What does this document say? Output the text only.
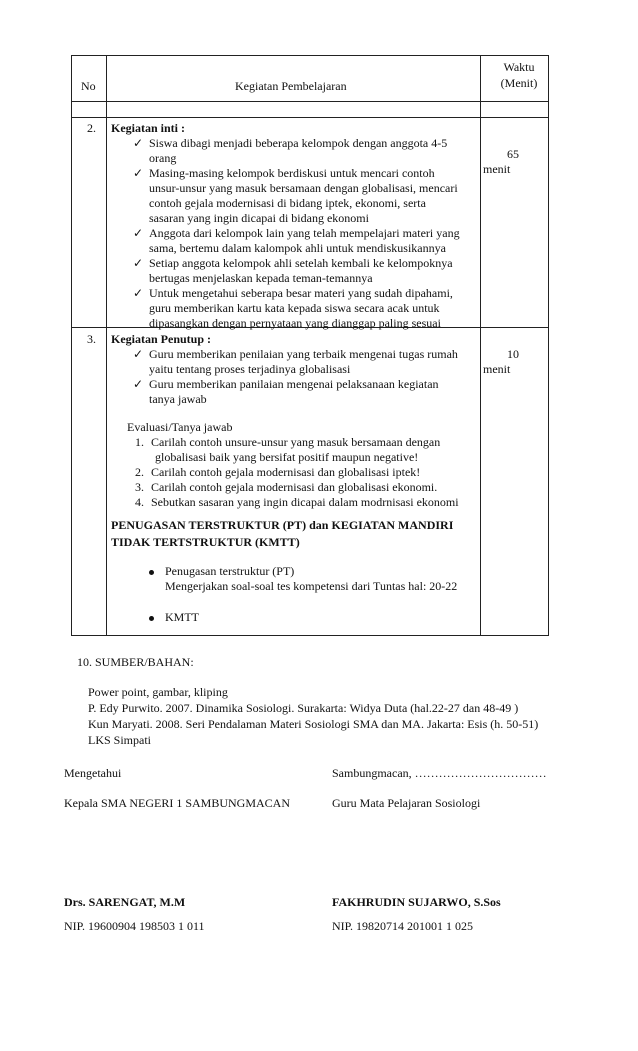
No	Kegiatan Pembelajaran
Waktu
(Menit)
2. Kegiatan inti :
✓ Siswa dibagi menjadi beberapa kelompok dengan anggota 4-5
orang
✓ Masing-masing kelompok berdiskusi untuk mencari contoh
unsur-unsur yang masuk bersamaan dengan globalisasi, mencari
contoh gejala modernisasi di bidang iptek, ekonomi, serta
sasaran yang ingin dicapai di bidang ekonomi
✓ Anggota dari kelompok lain yang telah mempelajari materi yang
sama, bertemu dalam kalompok ahli untuk mendiskusikannya
✓ Setiap anggota kelompok ahli setelah kembali ke kelompoknya
bertugas menjelaskan kepada teman-temannya
✓ Untuk mengetahui seberapa besar materi yang sudah dipahami,
guru memberikan kartu kata kepada siswa secara acak untuk
dipasangkan dengan pernyataan yang dianggap paling sesuai
65
menit
3. Kegiatan Penutup :
✓ Guru memberikan penilaian yang terbaik mengenai tugas rumah
yaitu tentang proses terjadinya globalisasi
✓ Guru memberikan panilaian mengenai pelaksanaan kegiatan
tanya jawab
10
menit
Evaluasi/Tanya jawab
1. Carilah contoh unsure-unsur yang masuk bersamaan dengan
globalisasi baik yang bersifat positif maupun negative!
2. Carilah contoh gejala modernisasi dan globalisasi iptek!
3. Carilah contoh gejala modernisasi dan globalisasi ekonomi.
4. Sebutkan sasaran yang ingin dicapai dalam modrnisasi ekonomi
PENUGASAN TERSTRUKTUR (PT) dan KEGIATAN MANDIRI
TIDAK TERTSTRUKTUR (KMTT)
Penugasan terstruktur (PT)
Mengerjakan soal-soal tes kompetensi dari Tuntas hal: 20-22
KMTT
10. SUMBER/BAHAN:
Power point, gambar, kliping
P. Edy Purwito. 2007. Dinamika Sosiologi. Surakarta: Widya Duta (hal.22-27 dan 48-49 )
Kun Maryati. 2008. Seri Pendalaman Materi Sosiologi SMA dan MA. Jakarta: Esis (h. 50-51)
LKS Simpati
Mengetahui
Kepala SMA NEGERI 1 SAMBUNGMACAN
Drs. SARENGAT, M.M
NIP. 19600904 198503 1 011
Sambungmacan, ……………………………
Guru Mata Pelajaran Sosiologi
FAKHRUDIN SUJARWO, S.Sos
NIP. 19820714 201001 1 025
